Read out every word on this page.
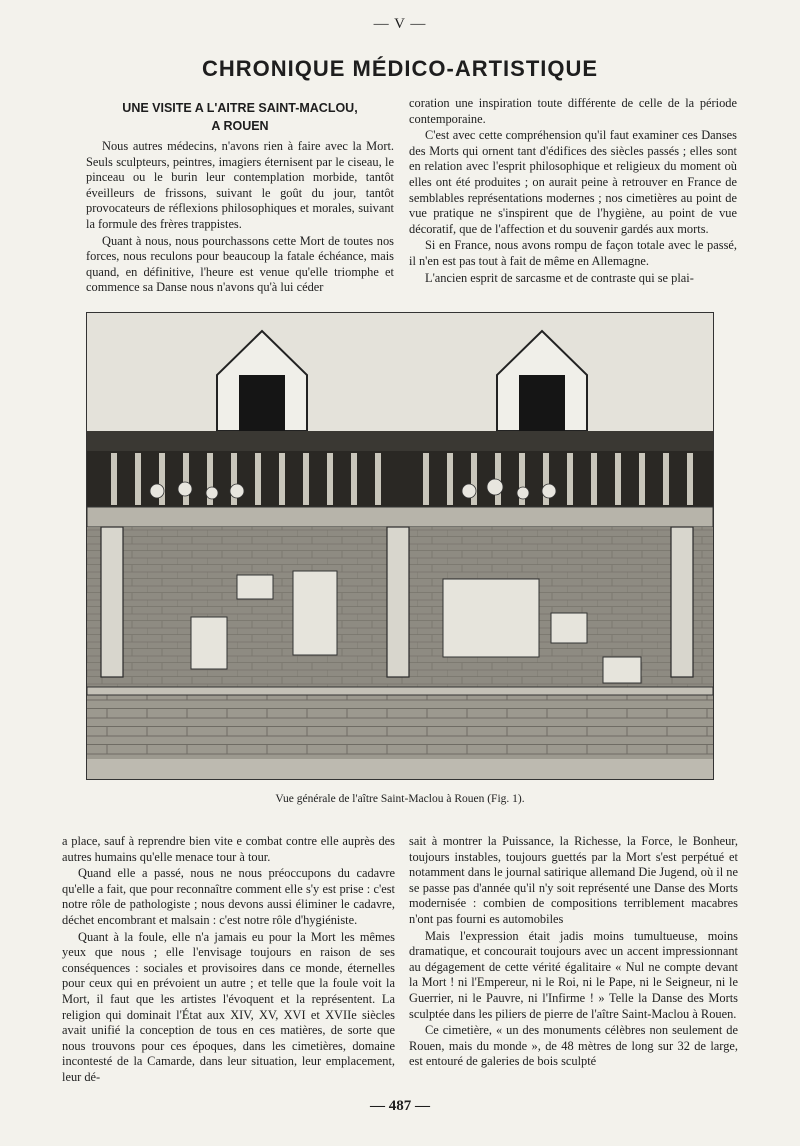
— V —
CHRONIQUE MÉDICO-ARTISTIQUE
UNE VISITE A L'AITRE SAINT-MACLOU,
A ROUEN

Nous autres médecins, n'avons rien à faire avec la Mort. Seuls sculpteurs, peintres, imagiers éternisent par le ciseau, le pinceau ou le burin leur contemplation morbide, tantôt éveilleurs de frissons, suivant le goût du jour, tantôt provocateurs de réflexions philosophiques et morales, suivant la formule des frères trappistes.

Quant à nous, nous pourchassons cette Mort de toutes nos forces, nous reculons pour beaucoup la fatale échéance, mais quand, en définitive, l'heure est venue qu'elle triomphe et commence sa Danse nous n'avons qu'à lui céder

coration une inspiration toute différente de celle de la période contemporaine.

C'est avec cette compréhension qu'il faut examiner ces Danses des Morts qui ornent tant d'édifices des siècles passés ; elles sont en relation avec l'esprit philosophique et religieux du moment où elles ont été produites ; on aurait peine à retrouver en France de semblables représentations modernes ; nos cimetières au point de vue pratique ne s'inspirent que de l'hygiène, au point de vue décoratif, que de l'affection et du souvenir gardés aux morts.

Si en France, nous avons rompu de façon totale avec le passé, il n'en est pas tout à fait de même en Allemagne.

L'ancien esprit de sarcasme et de contraste qui se plai-

Vue générale de l'aître Saint-Maclou à Rouen (Fig. 1).

a place, sauf à reprendre bien vite e combat contre elle auprès des autres humains qu'elle menace tour à tour.

Quand elle a passé, nous ne nous préoccupons du cadavre qu'elle a fait, que pour reconnaître comment elle s'y est prise : c'est notre rôle de pathologiste ; nous devons aussi éliminer le cadavre, déchet encombrant et malsain : c'est notre rôle d'hygiéniste.

Quant à la foule, elle n'a jamais eu pour la Mort les mêmes yeux que nous ; elle l'envisage toujours en raison de ses conséquences : sociales et provisoires dans ce monde, éternelles pour ceux qui en prévoient un autre ; et telle que la foule voit la Mort, il faut que les artistes l'évoquent et la représentent. La religion qui dominait l'État aux XIV, XV, XVI et XVIIe siècles avait unifié la conception de tous en ces matières, de sorte que nous trouvons pour ces époques, dans les cimetières, domaine incontesté de la Camarde, dans leur situation, leur emplacement, leur dé-

sait à montrer la Puissance, la Richesse, la Force, le Bonheur, toujours instables, toujours guettés par la Mort s'est perpétué et notamment dans le journal satirique allemand Die Jugend, où il ne se passe pas d'année qu'il n'y soit représenté une Danse des Morts modernisée : combien de compositions terriblement macabres n'ont pas fourni es automobiles

Mais l'expression était jadis moins tumultueuse, moins dramatique, et concourait toujours avec un accent impressionnant au dégagement de cette vérité égalitaire « Nul ne compte devant la Mort ! ni l'Empereur, ni le Roi, ni le Pape, ni le Seigneur, ni le Guerrier, ni le Pauvre, ni l'Infirme ! » Telle la Danse des Morts sculptée dans les piliers de pierre de l'aître Saint-Maclou à Rouen.

Ce cimetière, « un des monuments célèbres non seulement de Rouen, mais du monde », de 48 mètres de long sur 32 de large, est entouré de galeries de bois sculpté

— 487 —
